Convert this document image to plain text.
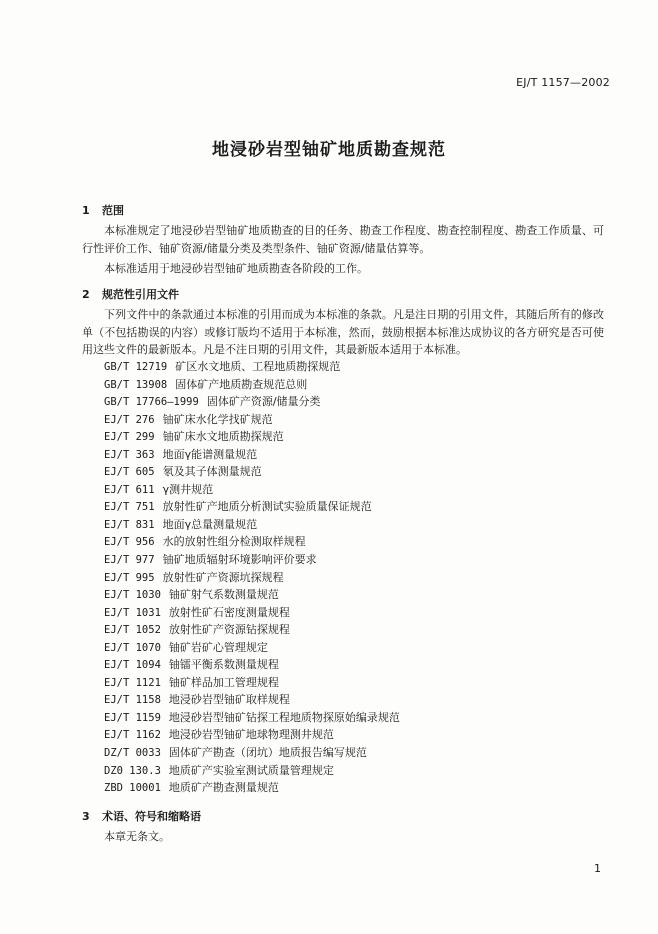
EJ/T 1157—2002
地浸砂岩型铀矿地质勘查规范
1 范围
本标准规定了地浸砂岩型铀矿地质勘查的目的任务、勘查工作程度、勘查控制程度、勘查工作质量、可行性评价工作、铀矿资源/储量分类及类型条件、铀矿资源/储量估算等。
本标准适用于地浸砂岩型铀矿地质勘查各阶段的工作。
2 规范性引用文件
下列文件中的条款通过本标准的引用而成为本标准的条款。凡是注日期的引用文件，其随后所有的修改单（不包括勘误的内容）或修订版均不适用于本标准，然而，鼓励根据本标准达成协议的各方研究是否可使用这些文件的最新版本。凡是不注日期的引用文件，其最新版本适用于本标准。
GB/T 12719 矿区水文地质、工程地质勘探规范
GB/T 13908 固体矿产地质勘查规范总则
GB/T 17766—1999 固体矿产资源/储量分类
EJ/T 276 铀矿床水化学找矿规范
EJ/T 299 铀矿床水文地质勘探规范
EJ/T 363 地面γ能谱测量规范
EJ/T 605 氡及其子体测量规范
EJ/T 611 γ测井规范
EJ/T 751 放射性矿产地质分析测试实验质量保证规范
EJ/T 831 地面γ总量测量规范
EJ/T 956 水的放射性组分检测取样规程
EJ/T 977 铀矿地质辐射环境影响评价要求
EJ/T 995 放射性矿产资源坑探规程
EJ/T 1030 铀矿射气系数测量规范
EJ/T 1031 放射性矿石密度测量规程
EJ/T 1052 放射性矿产资源钻探规程
EJ/T 1070 铀矿岩矿心管理规定
EJ/T 1094 铀镭平衡系数测量规程
EJ/T 1121 铀矿样品加工管理规程
EJ/T 1158 地浸砂岩型铀矿取样规程
EJ/T 1159 地浸砂岩型铀矿钻探工程地质物探原始编录规范
EJ/T 1162 地浸砂岩型铀矿地球物理测井规范
DZ/T 0033 固体矿产勘查（闭坑）地质报告编写规范
DZ0 130.3 地质矿产实验室测试质量管理规定
ZBD 10001 地质矿产勘查测量规范
3 术语、符号和缩略语
本章无条文。
1
